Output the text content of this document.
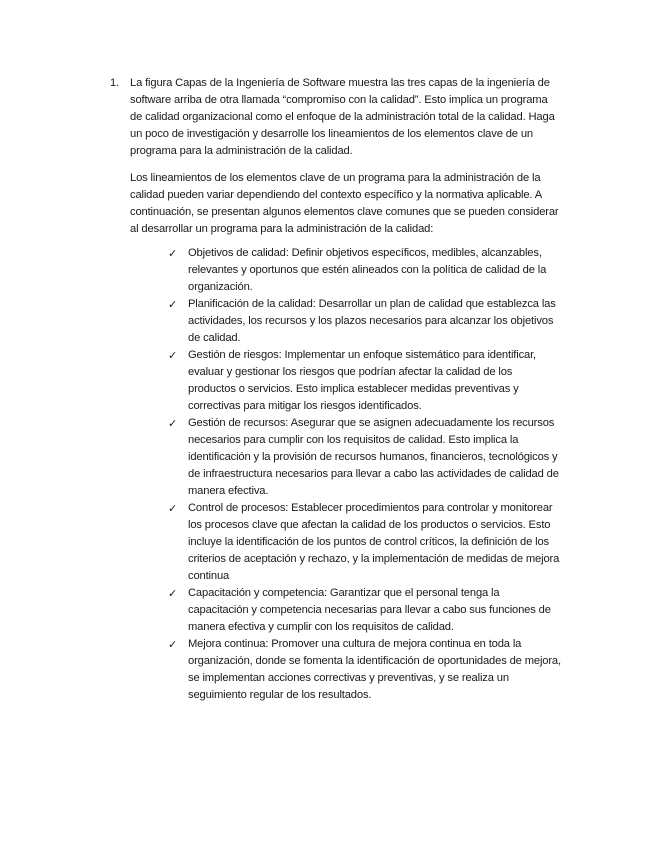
1. La figura Capas de la Ingeniería de Software muestra las tres capas de la ingeniería de software arriba de otra llamada “compromiso con la calidad”. Esto implica un programa de calidad organizacional como el enfoque de la administración total de la calidad. Haga un poco de investigación y desarrolle los lineamientos de los elementos clave de un programa para la administración de la calidad.

Los lineamientos de los elementos clave de un programa para la administración de la calidad pueden variar dependiendo del contexto específico y la normativa aplicable. A continuación, se presentan algunos elementos clave comunes que se pueden considerar al desarrollar un programa para la administración de la calidad:

✓ Objetivos de calidad: Definir objetivos específicos, medibles, alcanzables, relevantes y oportunos que estén alineados con la política de calidad de la organización.
✓ Planificación de la calidad: Desarrollar un plan de calidad que establezca las actividades, los recursos y los plazos necesarios para alcanzar los objetivos de calidad.
✓ Gestión de riesgos: Implementar un enfoque sistemático para identificar, evaluar y gestionar los riesgos que podrían afectar la calidad de los productos o servicios. Esto implica establecer medidas preventivas y correctivas para mitigar los riesgos identificados.
✓ Gestión de recursos: Asegurar que se asignen adecuadamente los recursos necesarios para cumplir con los requisitos de calidad. Esto implica la identificación y la provisión de recursos humanos, financieros, tecnológicos y de infraestructura necesarios para llevar a cabo las actividades de calidad de manera efectiva.
✓ Control de procesos: Establecer procedimientos para controlar y monitorear los procesos clave que afectan la calidad de los productos o servicios. Esto incluye la identificación de los puntos de control críticos, la definición de los criterios de aceptación y rechazo, y la implementación de medidas de mejora continua
✓ Capacitación y competencia: Garantizar que el personal tenga la capacitación y competencia necesarias para llevar a cabo sus funciones de manera efectiva y cumplir con los requisitos de calidad.
✓ Mejora continua: Promover una cultura de mejora continua en toda la organización, donde se fomenta la identificación de oportunidades de mejora, se implementan acciones correctivas y preventivas, y se realiza un seguimiento regular de los resultados.
